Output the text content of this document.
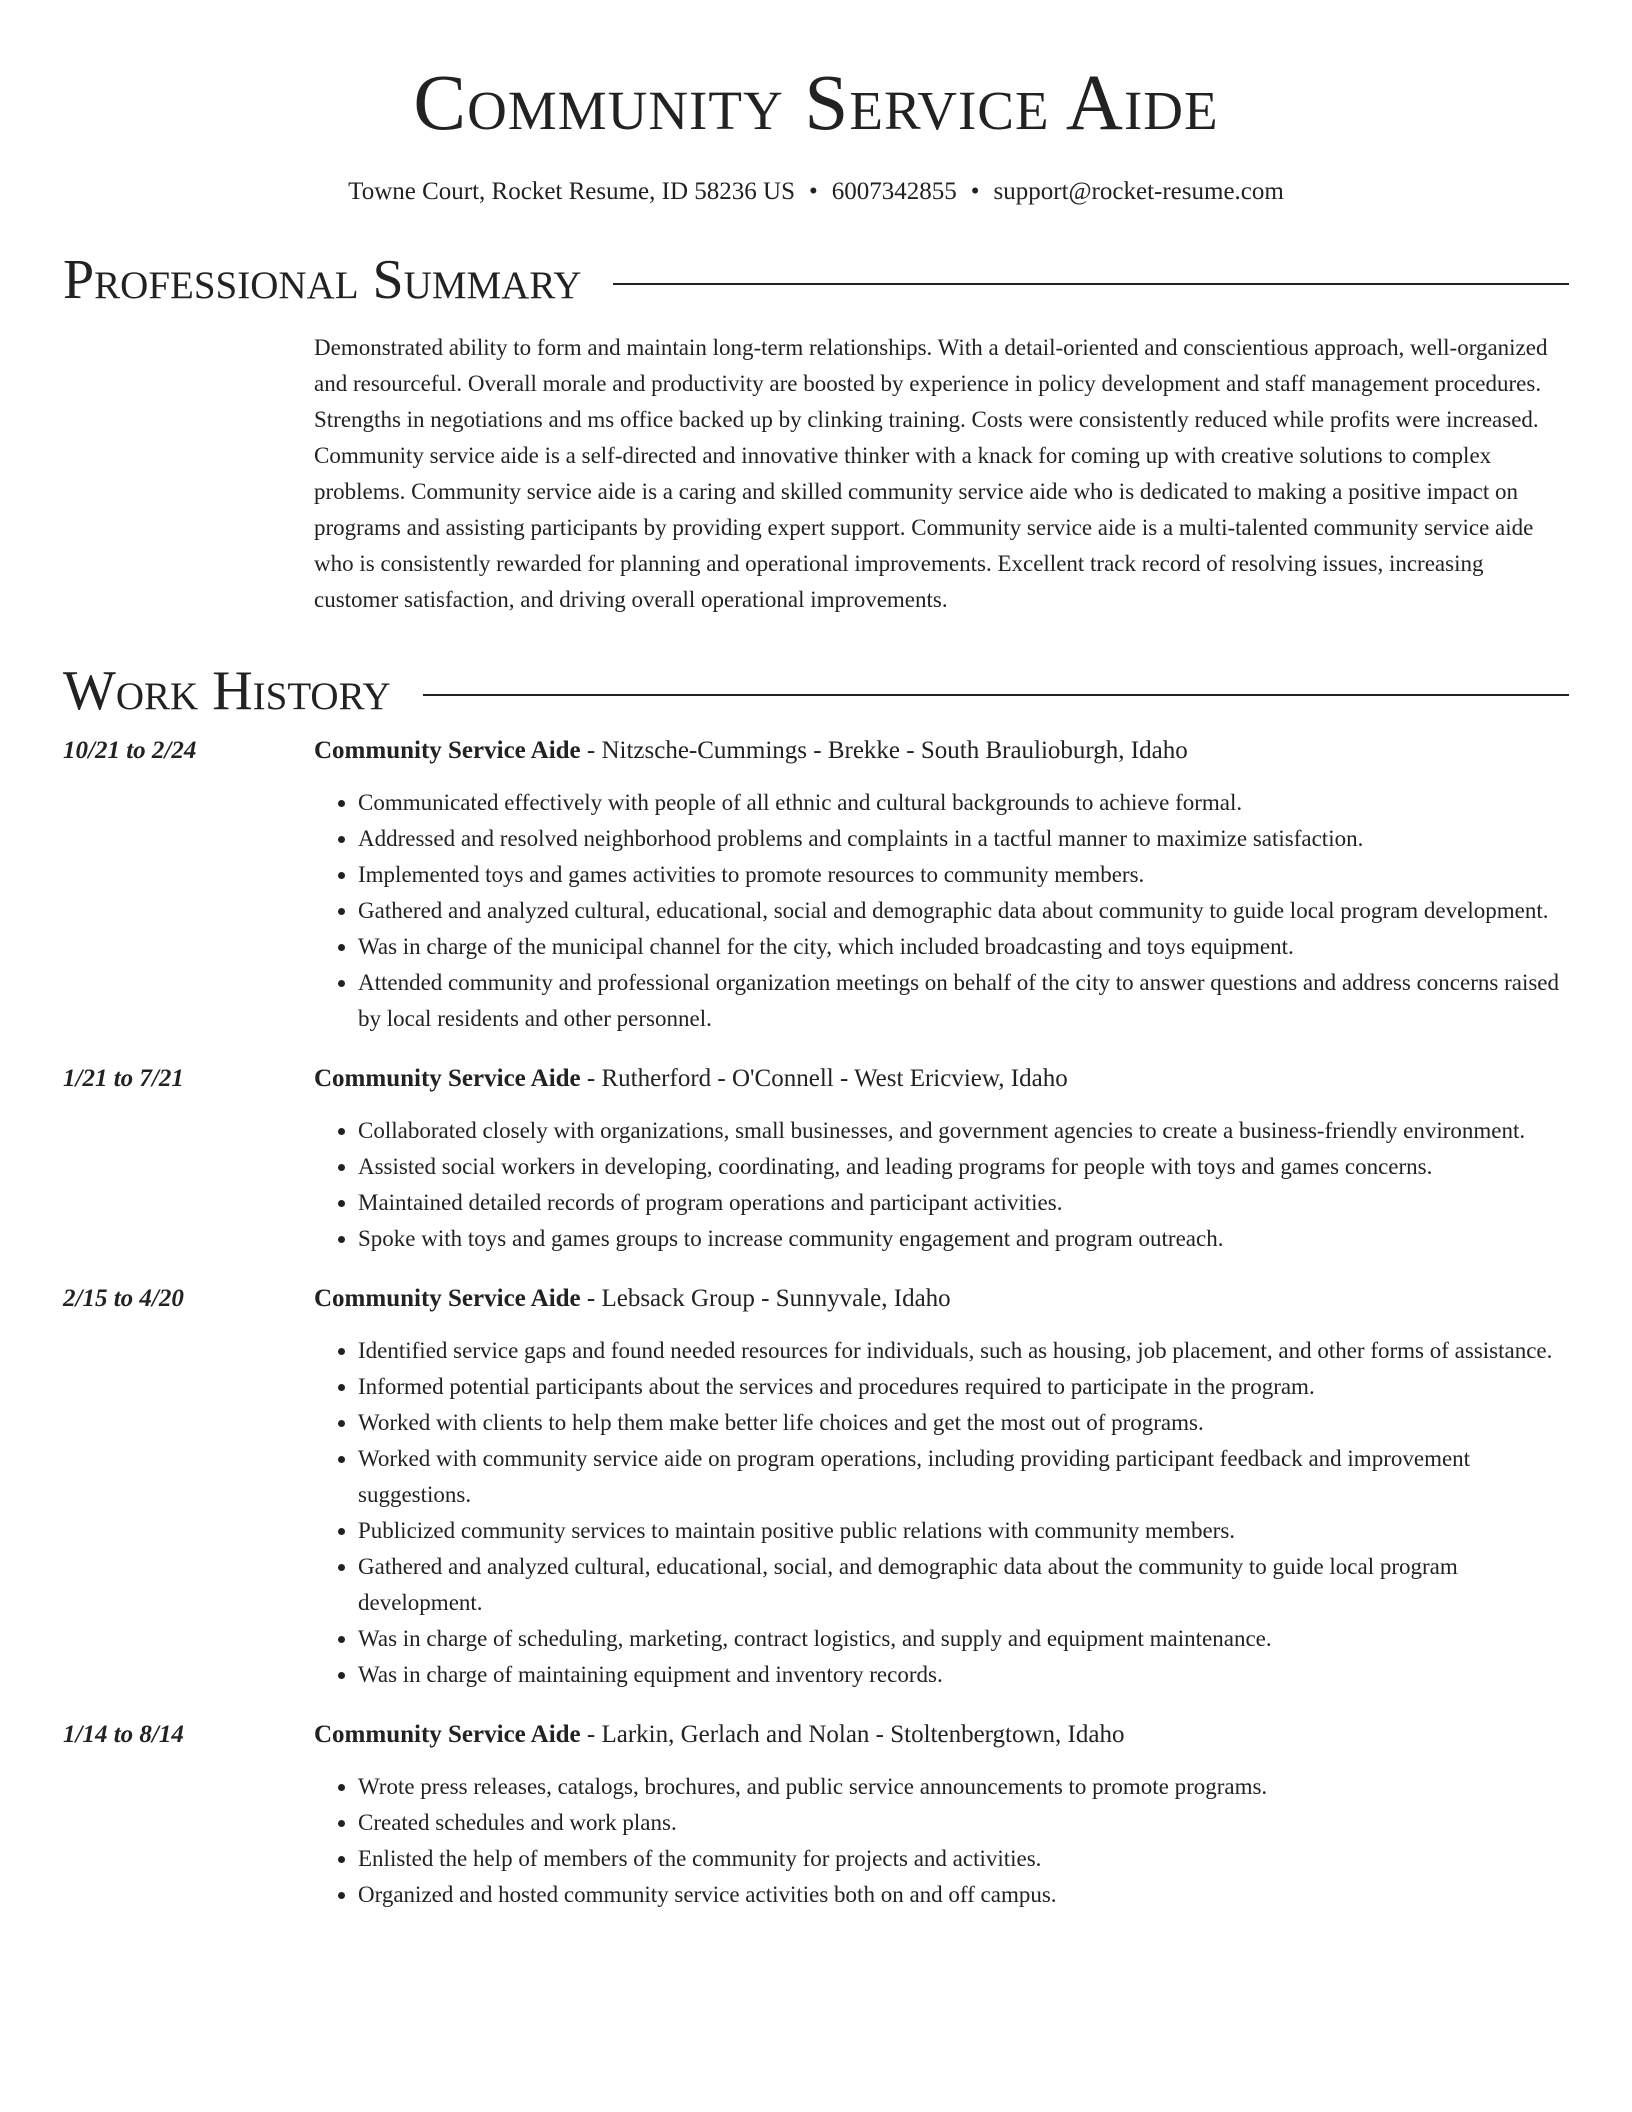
Community Service Aide
Towne Court, Rocket Resume, ID 58236 US • 6007342855 • support@rocket-resume.com
Professional Summary
Demonstrated ability to form and maintain long-term relationships. With a detail-oriented and conscientious approach, well-organized and resourceful. Overall morale and productivity are boosted by experience in policy development and staff management procedures. Strengths in negotiations and ms office backed up by clinking training. Costs were consistently reduced while profits were increased. Community service aide is a self-directed and innovative thinker with a knack for coming up with creative solutions to complex problems. Community service aide is a caring and skilled community service aide who is dedicated to making a positive impact on programs and assisting participants by providing expert support. Community service aide is a multi-talented community service aide who is consistently rewarded for planning and operational improvements. Excellent track record of resolving issues, increasing customer satisfaction, and driving overall operational improvements.
Work History
10/21 to 2/24	Community Service Aide - Nitzsche-Cummings - Brekke - South Braulioburgh, Idaho
• Communicated effectively with people of all ethnic and cultural backgrounds to achieve formal.
• Addressed and resolved neighborhood problems and complaints in a tactful manner to maximize satisfaction.
• Implemented toys and games activities to promote resources to community members.
• Gathered and analyzed cultural, educational, social and demographic data about community to guide local program development.
• Was in charge of the municipal channel for the city, which included broadcasting and toys equipment.
• Attended community and professional organization meetings on behalf of the city to answer questions and address concerns raised by local residents and other personnel.
1/21 to 7/21	Community Service Aide - Rutherford - O'Connell - West Ericview, Idaho
• Collaborated closely with organizations, small businesses, and government agencies to create a business-friendly environment.
• Assisted social workers in developing, coordinating, and leading programs for people with toys and games concerns.
• Maintained detailed records of program operations and participant activities.
• Spoke with toys and games groups to increase community engagement and program outreach.
2/15 to 4/20	Community Service Aide - Lebsack Group - Sunnyvale, Idaho
• Identified service gaps and found needed resources for individuals, such as housing, job placement, and other forms of assistance.
• Informed potential participants about the services and procedures required to participate in the program.
• Worked with clients to help them make better life choices and get the most out of programs.
• Worked with community service aide on program operations, including providing participant feedback and improvement suggestions.
• Publicized community services to maintain positive public relations with community members.
• Gathered and analyzed cultural, educational, social, and demographic data about the community to guide local program development.
• Was in charge of scheduling, marketing, contract logistics, and supply and equipment maintenance.
• Was in charge of maintaining equipment and inventory records.
1/14 to 8/14	Community Service Aide - Larkin, Gerlach and Nolan - Stoltenbergtown, Idaho
• Wrote press releases, catalogs, brochures, and public service announcements to promote programs.
• Created schedules and work plans.
• Enlisted the help of members of the community for projects and activities.
• Organized and hosted community service activities both on and off campus.
